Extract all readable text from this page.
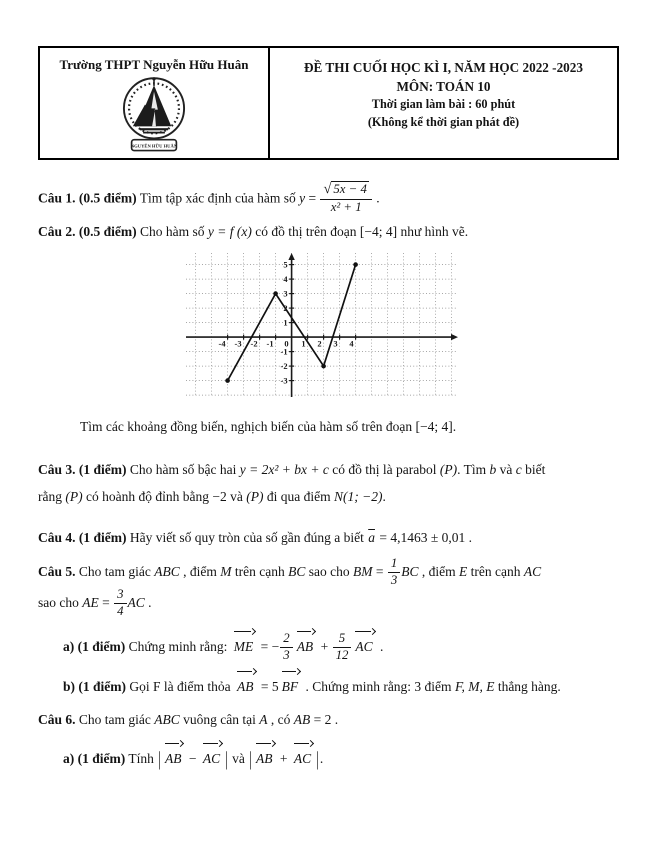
Trường THPT Nguyễn Hữu Huân
NGUYỄN HỮU HUÂN
ĐỀ THI CUỐI HỌC KÌ I, NĂM HỌC 2022 -2023
MÔN: TOÁN 10
Thời gian làm bài : 60 phút
(Không kể thời gian phát đề)

Câu 1. (0.5 điểm) Tìm tập xác định của hàm số $y = \frac{√ 5x - 4}{\text{x² + 1}}$ .

Câu 2. (0.5 điểm) Cho hàm số y = f (x) có đồ thị trên đoạn [−4; 4] như hình vẽ.

-4 -3 -2 -1	1 2 3 4
-3
-2
-1
1
2
3
4
5
0

Tìm các khoảng đồng biến, nghịch biến của hàm số trên đoạn [−4; 4].

Câu 3. (1 điểm) Cho hàm số bậc hai y = 2x² + bx + c có đồ thị là parabol (P). Tìm b và c biết

rằng (P) có hoành độ đỉnh bằng −2 và (P) đi qua điểm N(1; −2).

Câu 4. (1 điểm) Hãy viết số quy tròn của số gần đúng a biết $\overline{a} = 4,1463 \pm 0,01$ .

Câu 5. Cho tam giác ABC , điểm M trên cạnh BC sao cho BM = $\frac{1}{3}$ BC , điểm E trên cạnh AC

sao cho AE = $\frac{3}{4}$ AC .

a) (1 điểm) Chứng minh rằng: ME = − $\frac{2}{3}$ AB + $\frac{5}{12}$ AC .

b) (1 điểm) Gọi F là điểm thỏa AB = 5 BF . Chứng minh rằng: 3 điểm F, M, E thẳng hàng.

Câu 6. Cho tam giác ABC vuông cân tại A , có AB = 2 .

a) (1 điểm) Tính | AB − AC | và | AB + AC |.
